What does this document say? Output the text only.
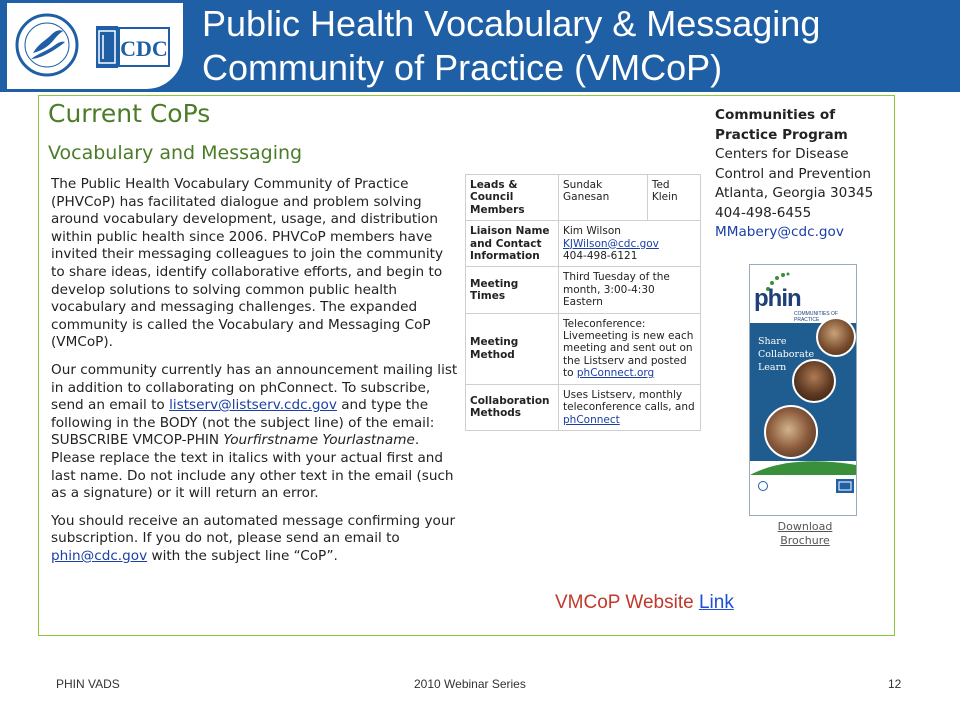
CDC
Public Health Vocabulary & Messaging
Community of Practice (VMCoP)
Current CoPs
Vocabulary and Messaging

The Public Health Vocabulary Community of Practice (PHVCoP) has facilitated dialogue and problem solving around vocabulary development, usage, and distribution within public health since 2006. PHVCoP members have invited their messaging colleagues to join the community to share ideas, identify collaborative efforts, and begin to develop solutions to solving common public health vocabulary and messaging challenges. The expanded community is called the Vocabulary and Messaging CoP (VMCoP).

Our community currently has an announcement mailing list in addition to collaborating on phConnect. To subscribe, send an email to listserv@listserv.cdc.gov and type the following in the BODY (not the subject line) of the email: SUBSCRIBE VMCOP-PHIN Yourfirstname Yourlastname. Please replace the text in italics with your actual first and last name. Do not include any other text in the email (such as a signature) or it will return an error.

You should receive an automated message confirming your subscription. If you do not, please send an email to phin@cdc.gov with the subject line “CoP”.

Leads & Council Members	Sundak Ganesan	Ted Klein
Liaison Name and Contact Information	Kim Wilson
KJWilson@cdc.gov
404-498-6121	
Meeting Times	Third Tuesday of the month, 3:00-4:30 Eastern	
Meeting Method	Teleconference: Livemeeting is new each meeting and sent out on the Listserv and posted to phConnect.org	
Collaboration Methods	Uses Listserv, monthly teleconference calls, and phConnect	
Communities of
Practice Program
Centers for Disease
Control and Prevention
Atlanta, Georgia 30345
404-498-6455
MMabery@cdc.gov
phin
COMMUNITIES OF PRACTICE
Share
Collaborate
Learn
Download
Brochure
VMCoP Website Link
PHIN VADS	2010 Webinar Series	12
